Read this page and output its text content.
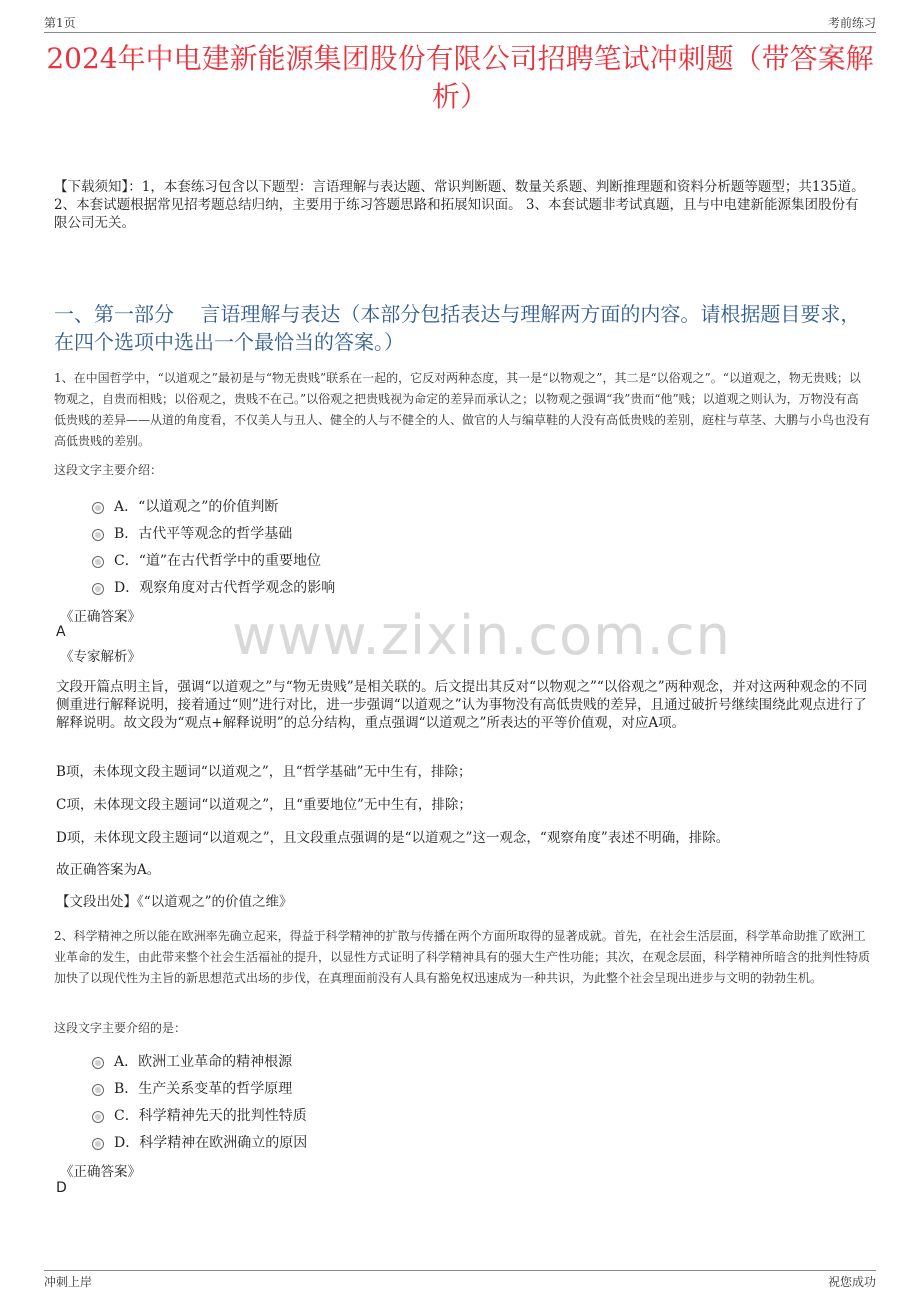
第1页	考前练习
2024年中电建新能源集团股份有限公司招聘笔试冲刺题（带答案解析）
【下载须知】：1，本套练习包含以下题型：言语理解与表达题、常识判断题、数量关系题、判断推理题和资料分析题等题型；共135道。 2、本套试题根据常见招考题总结归纳，主要用于练习答题思路和拓展知识面。 3、本套试题非考试真题，且与中电建新能源集团股份有限公司无关。
一、第一部分　 言语理解与表达（本部分包括表达与理解两方面的内容。请根据题目要求，在四个选项中选出一个最恰当的答案。）
1、在中国哲学中，“以道观之”最初是与“物无贵贱”联系在一起的，它反对两种态度，其一是“以物观之”，其二是“以俗观之”。“以道观之，物无贵贱；以物观之，自贵而相贱；以俗观之，贵贱不在己。”以俗观之把贵贱视为命定的差异而承认之；以物观之强调“我”贵而“他”贱；以道观之则认为，万物没有高低贵贱的差异——从道的角度看，不仅美人与丑人、健全的人与不健全的人、做官的人与编草鞋的人没有高低贵贱的差别，庭柱与草茎、大鹏与小鸟也没有高低贵贱的差别。
这段文字主要介绍：
A．“以道观之”的价值判断
B．古代平等观念的哲学基础
C．“道”在古代哲学中的重要地位
D．观察角度对古代哲学观念的影响
《正确答案》
A
《专家解析》 www.zixin.com.cn
文段开篇点明主旨，强调“以道观之”与“物无贵贱”是相关联的。后文提出其反对“以物观之”“以俗观之”两种观念，并对这两种观念的不同侧重进行解释说明，接着通过“则”进行对比，进一步强调“以道观之”认为事物没有高低贵贱的差异，且通过破折号继续围绕此观点进行了解释说明。故文段为“观点+解释说明”的总分结构，重点强调“以道观之”所表达的平等价值观，对应A项。
B项，未体现文段主题词“以道观之”，且“哲学基础”无中生有，排除；
C项，未体现文段主题词“以道观之”，且“重要地位”无中生有，排除；
D项，未体现文段主题词“以道观之”，且文段重点强调的是“以道观之”这一观念，“观察角度”表述不明确，排除。
故正确答案为A。
【文段出处】《“以道观之”的价值之维》
2、科学精神之所以能在欧洲率先确立起来，得益于科学精神的扩散与传播在两个方面所取得的显著成就。首先，在社会生活层面，科学革命助推了欧洲工业革命的发生，由此带来整个社会生活福祉的提升，以显性方式证明了科学精神具有的强大生产性功能；其次，在观念层面，科学精神所暗含的批判性特质加快了以现代性为主旨的新思想范式出场的步伐，在真理面前没有人具有豁免权迅速成为一种共识，为此整个社会呈现出进步与文明的勃勃生机。
这段文字主要介绍的是：
A．欧洲工业革命的精神根源
B．生产关系变革的哲学原理
C．科学精神先天的批判性特质
D．科学精神在欧洲确立的原因
《正确答案》
D
冲刺上岸	祝您成功
